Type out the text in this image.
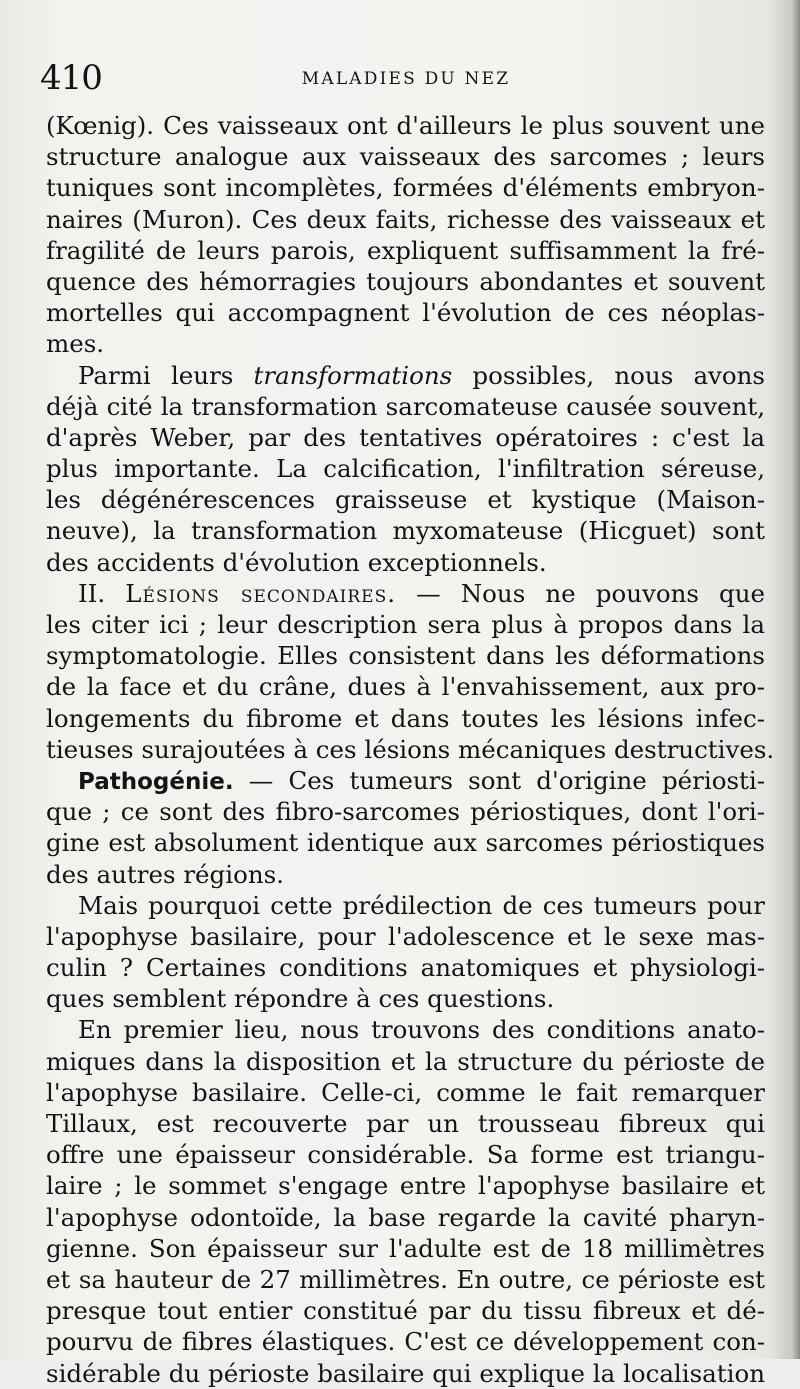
410	MALADIES DU NEZ
(Kœnig). Ces vaisseaux ont d'ailleurs le plus souvent une
structure analogue aux vaisseaux des sarcomes ; leurs
tuniques sont incomplètes, formées d'éléments embryon-
naires (Muron). Ces deux faits, richesse des vaisseaux et
fragilité de leurs parois, expliquent suffisamment la fré-
quence des hémorragies toujours abondantes et souvent
mortelles qui accompagnent l'évolution de ces néoplas-
mes.
Parmi leurs transformations possibles, nous avons
déjà cité la transformation sarcomateuse causée souvent,
d'après Weber, par des tentatives opératoires : c'est la
plus importante. La calcification, l'infiltration séreuse,
les dégénérescences graisseuse et kystique (Maison-
neuve), la transformation myxomateuse (Hicguet) sont
des accidents d'évolution exceptionnels.
II. Lésions secondaires. — Nous ne pouvons que
les citer ici ; leur description sera plus à propos dans la
symptomatologie. Elles consistent dans les déformations
de la face et du crâne, dues à l'envahissement, aux pro-
longements du fibrome et dans toutes les lésions infec-
tieuses surajoutées à ces lésions mécaniques destructives.
Pathogénie. — Ces tumeurs sont d'origine périosti-
que ; ce sont des fibro-sarcomes périostiques, dont l'ori-
gine est absolument identique aux sarcomes périostiques
des autres régions.
Mais pourquoi cette prédilection de ces tumeurs pour
l'apophyse basilaire, pour l'adolescence et le sexe mas-
culin ? Certaines conditions anatomiques et physiologi-
ques semblent répondre à ces questions.
En premier lieu, nous trouvons des conditions anato-
miques dans la disposition et la structure du périoste de
l'apophyse basilaire. Celle-ci, comme le fait remarquer
Tillaux, est recouverte par un trousseau fibreux qui
offre une épaisseur considérable. Sa forme est triangu-
laire ; le sommet s'engage entre l'apophyse basilaire et
l'apophyse odontoïde, la base regarde la cavité pharyn-
gienne. Son épaisseur sur l'adulte est de 18 millimètres
et sa hauteur de 27 millimètres. En outre, ce périoste est
presque tout entier constitué par du tissu fibreux et dé-
pourvu de fibres élastiques. C'est ce développement con-
sidérable du périoste basilaire qui explique la localisation
